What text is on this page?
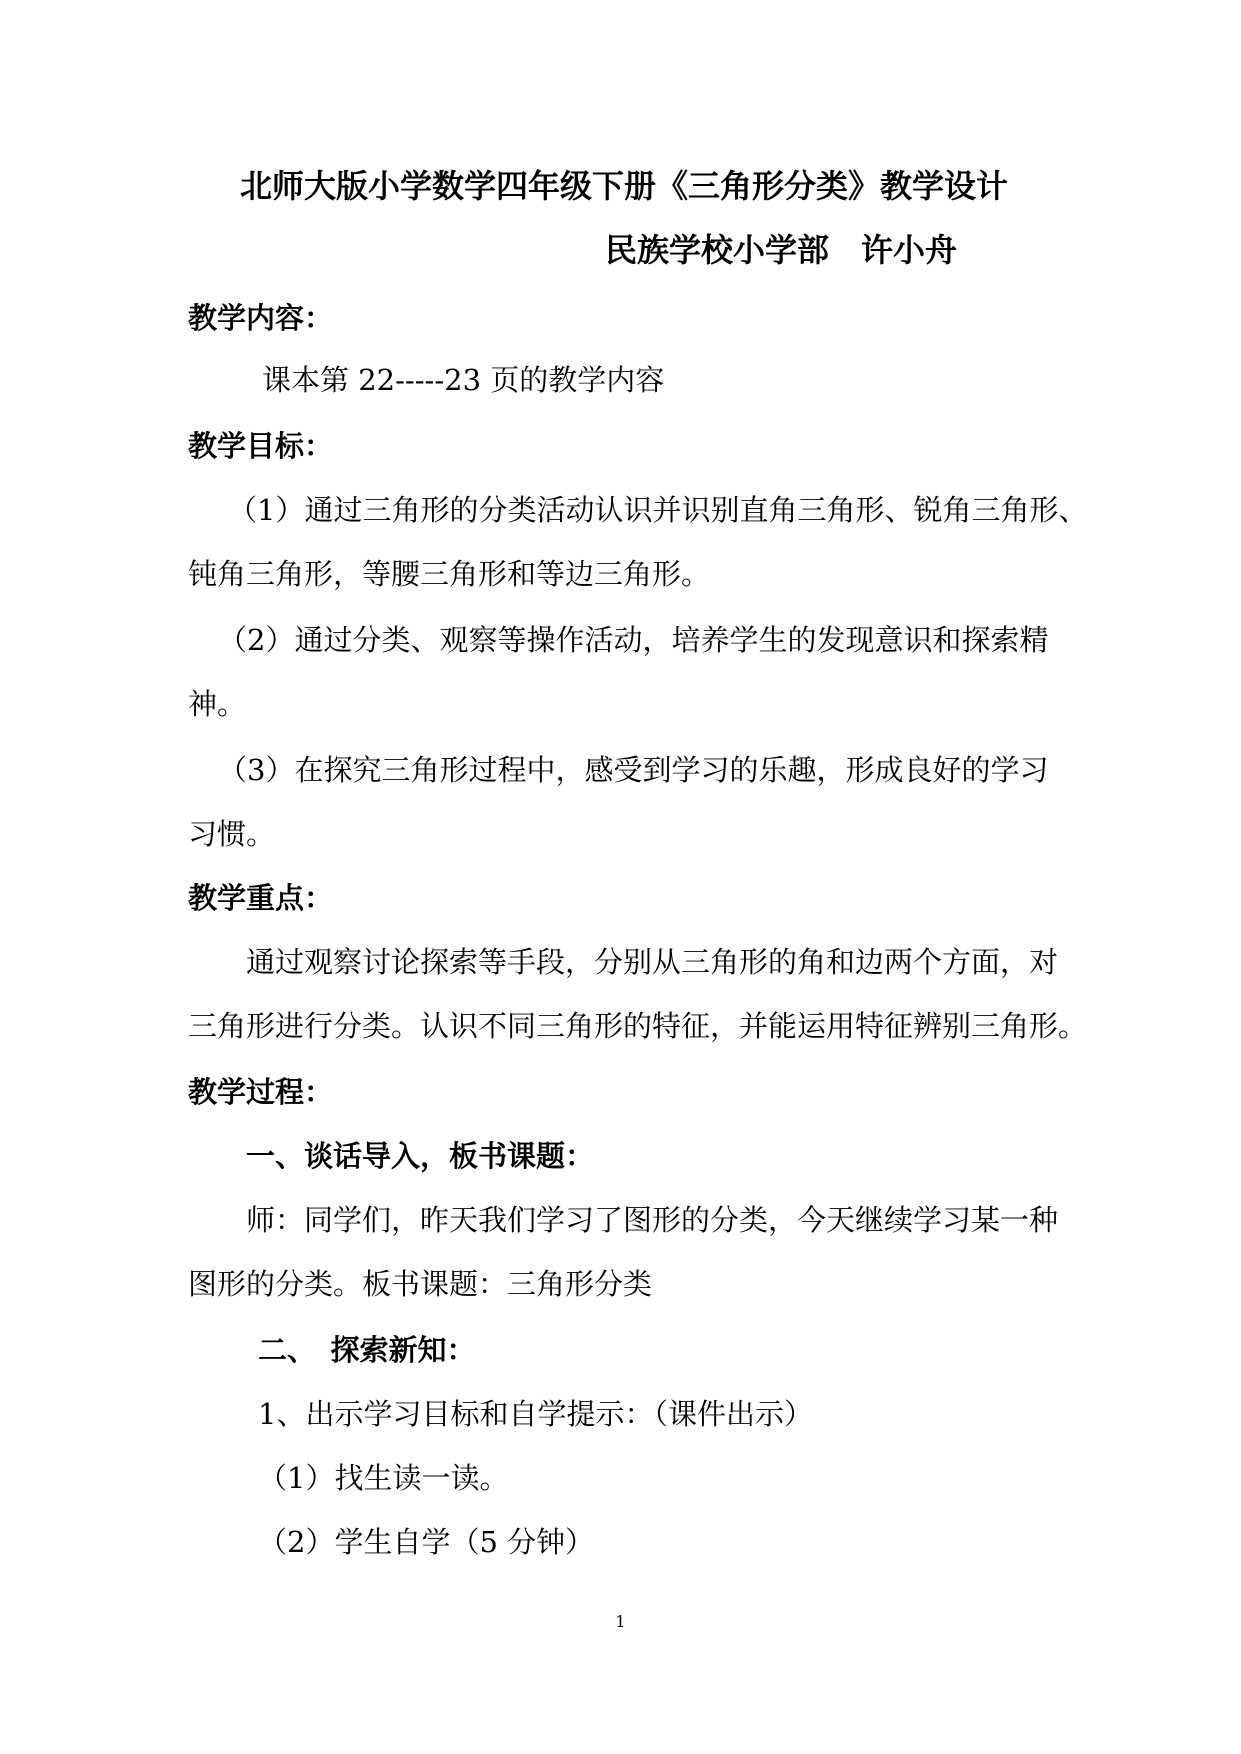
北师大版小学数学四年级下册《三角形分类》教学设计
民族学校小学部　许小舟
教学内容：
课本第 22-----23 页的教学内容
教学目标：
（1）通过三角形的分类活动认识并识别直角三角形、锐角三角形、
钝角三角形，等腰三角形和等边三角形。
（2）通过分类、观察等操作活动，培养学生的发现意识和探索精
神。
（3）在探究三角形过程中，感受到学习的乐趣，形成良好的学习
习惯。
教学重点：
通过观察讨论探索等手段，分别从三角形的角和边两个方面，对
三角形进行分类。认识不同三角形的特征，并能运用特征辨别三角形。
教学过程：
一、谈话导入，板书课题：
师：同学们，昨天我们学习了图形的分类，今天继续学习某一种
图形的分类。板书课题：三角形分类
二、　探索新知：
1、出示学习目标和自学提示：（课件出示）
（1）找生读一读。
（2）学生自学（5 分钟）
1
